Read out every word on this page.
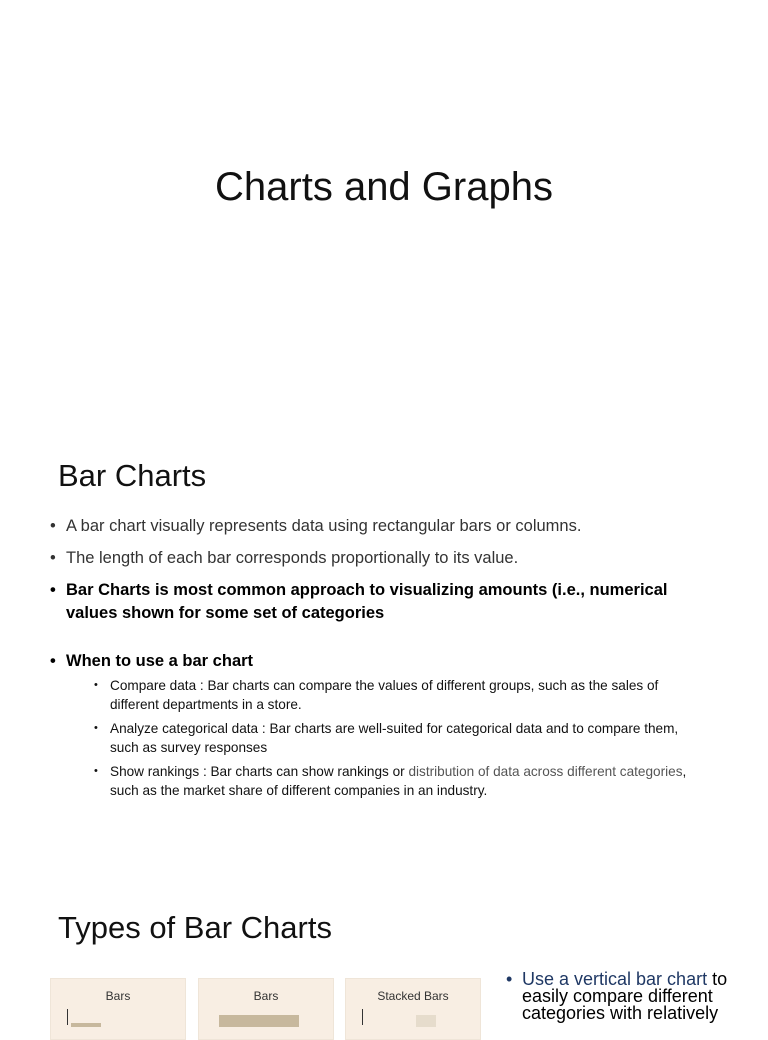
Charts and Graphs
Bar Charts
• A bar chart visually represents data using rectangular bars or columns.
• The length of each bar corresponds proportionally to its value.
• Bar Charts is most common approach to visualizing amounts (i.e., numerical values shown for some set of categories
• When to use a bar chart
• Compare data : Bar charts can compare the values of different groups, such as the sales of different departments in a store.
• Analyze categorical data : Bar charts are well-suited for categorical data and to compare them, such as survey responses
• Show rankings : Bar charts can show rankings or distribution of data across different categories, such as the market share of different companies in an industry.
Types of Bar Charts
Bars	Bars	Stacked Bars
• Use a vertical bar chart to easily compare different categories with relatively
